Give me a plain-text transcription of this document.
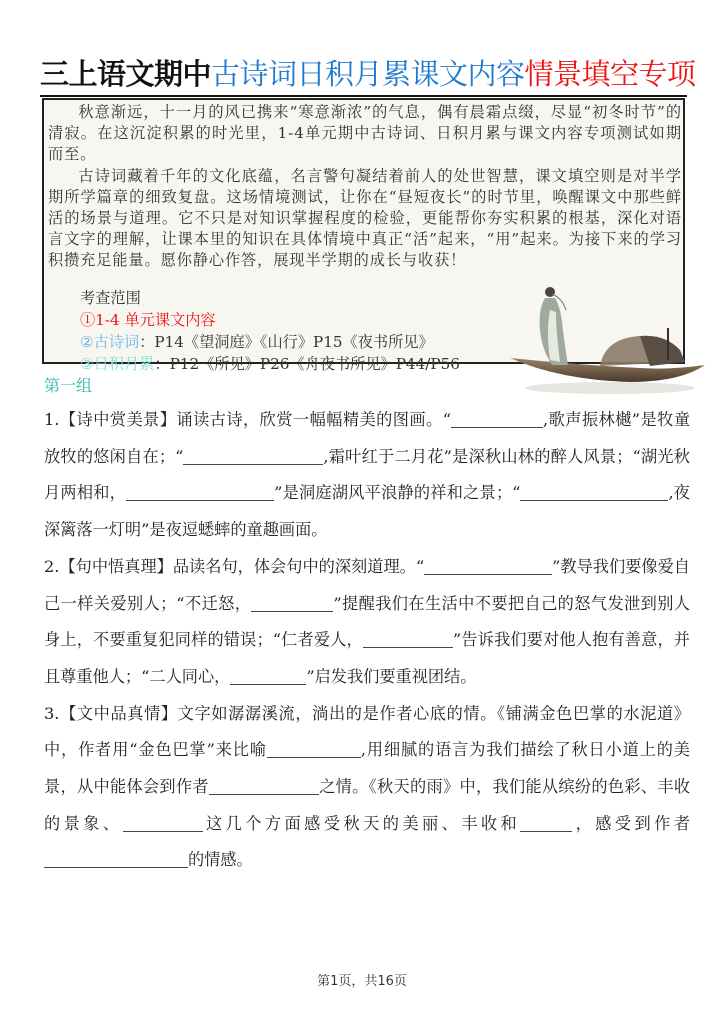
三上语文期中古诗词日积月累课文内容情景填空专项

秋意渐远，十一月的风已携来“寒意渐浓”的气息，偶有晨霜点缀，尽显“初冬时节”的清寂。在这沉淀积累的时光里，1-4单元期中古诗词、日积月累与课文内容专项测试如期而至。

古诗词藏着千年的文化底蕴，名言警句凝结着前人的处世智慧，课文填空则是对半学期所学篇章的细致复盘。这场情境测试，让你在“昼短夜长”的时节里，唤醒课文中那些鲜活的场景与道理。它不只是对知识掌握程度的检验，更能帮你夯实积累的根基，深化对语言文字的理解，让课本里的知识在具体情境中真正“活”起来，“用”起来。为接下来的学习积攒充足能量。愿你静心作答，展现半学期的成长与收获！

考查范围
①1-4 单元课文内容
②古诗词：P14《望洞庭》《山行》P15《夜书所见》
③日积月累：P12《所见》P26《舟夜书所见》P44/P56
第一组

1.【诗中赏美景】诵读古诗，欣赏一幅幅精美的图画。“	,歌声振林樾”是牧童放牧的悠闲自在；“	,霜叶红于二月花”是深秋山林的醉人风景；“湖光秋月两相和，	”是洞庭湖风平浪静的祥和之景；“	,夜深篱落一灯明”是夜逗蟋蟀的童趣画面。

2.【句中悟真理】品读名句，体会句中的深刻道理。“	”教导我们要像爱自己一样关爱别人；“不迁怒，	”提醒我们在生活中不要把自己的怒气发泄到别人身上，不要重复犯同样的错误；“仁者爱人，	”告诉我们要对他人抱有善意，并且尊重他人；“二人同心，	”启发我们要重视团结。

3.【文中品真情】文字如潺潺溪流，淌出的是作者心底的情。《铺满金色巴掌的水泥道》中，作者用“金色巴掌”来比喻	,用细腻的语言为我们描绘了秋日小道上的美景，从中能体会到作者	之情。《秋天的雨》中，我们能从缤纷的色彩、丰收的景象、	这几个方面感受秋天的美丽、丰收和	，感受到作者的情感。

第1页，共16页
